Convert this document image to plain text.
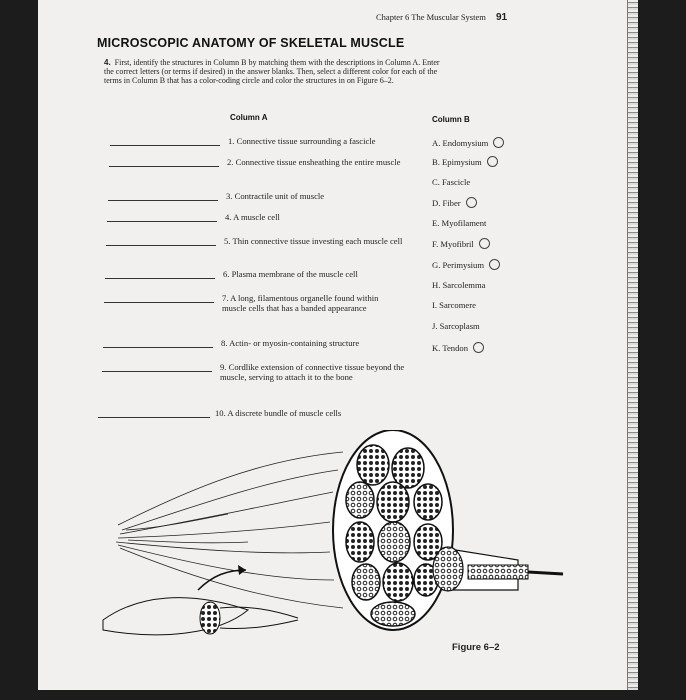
Chapter 6 The Muscular System 91
MICROSCOPIC ANATOMY OF SKELETAL MUSCLE
4. First, identify the structures in Column B by matching them with the descriptions in Column A. Enter the correct letters (or terms if desired) in the answer blanks. Then, select a different color for each of the terms in Column B that has a color-coding circle and color the structures in on Figure 6–2.
Column A	Column B
1. Connective tissue surrounding a fascicle
2. Connective tissue ensheathing the entire muscle
3. Contractile unit of muscle
4. A muscle cell
5. Thin connective tissue investing each muscle cell
6. Plasma membrane of the muscle cell
7. A long, filamentous organelle found within muscle cells that has a banded appearance
8. Actin- or myosin-containing structure
9. Cordlike extension of connective tissue beyond the muscle, serving to attach it to the bone
10. A discrete bundle of muscle cells
A. Endomysium
B. Epimysium
C. Fascicle
D. Fiber
E. Myofilament
F. Myofibril
G. Perimysium
H. Sarcolemma
I. Sarcomere
J. Sarcoplasm
K. Tendon
Figure 6–2
